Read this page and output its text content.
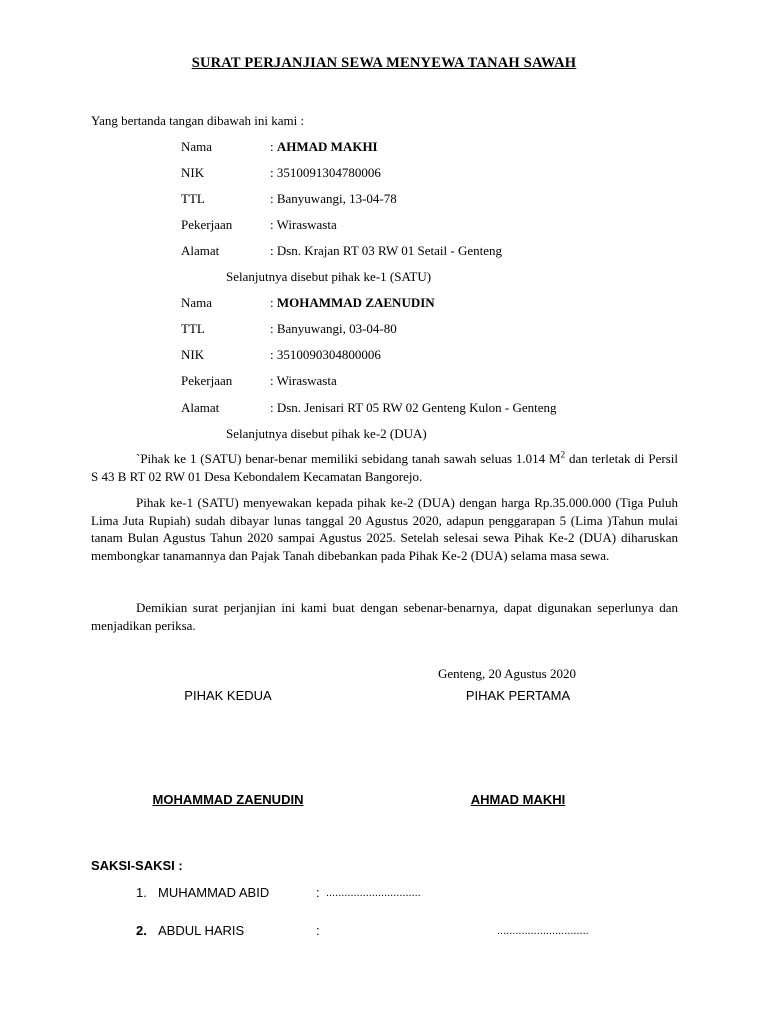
SURAT PERJANJIAN SEWA MENYEWA TANAH SAWAH
Yang bertanda tangan dibawah ini kami :
Nama	: AHMAD MAKHI
NIK	: 3510091304780006
TTL	: Banyuwangi, 13-04-78
Pekerjaan	: Wiraswasta
Alamat	: Dsn. Krajan RT 03 RW 01 Setail - Genteng
Selanjutnya disebut pihak ke-1 (SATU)
Nama	: MOHAMMAD ZAENUDIN
TTL	: Banyuwangi, 03-04-80
NIK	: 3510090304800006
Pekerjaan	: Wiraswasta
Alamat	: Dsn. Jenisari RT 05 RW 02 Genteng Kulon - Genteng
Selanjutnya disebut pihak ke-2 (DUA)

`Pihak ke 1 (SATU) benar-benar memiliki sebidang tanah sawah seluas 1.014 $M^2$ dan terletak di Persil S 43 B RT 02 RW 01 Desa Kebondalem Kecamatan Bangorejo.

Pihak ke-1 (SATU) menyewakan kepada pihak ke-2 (DUA) dengan harga Rp.35.000.000 (Tiga Puluh Lima Juta Rupiah) sudah dibayar lunas tanggal 20 Agustus 2020, adapun penggarapan 5 (Lima )Tahun mulai tanam Bulan Agustus Tahun 2020 sampai Agustus 2025. Setelah selesai sewa Pihak Ke-2 (DUA) diharuskan membongkar tanamannya dan Pajak Tanah dibebankan pada Pihak Ke-2 (DUA) selama masa sewa.

Demikian surat perjanjian ini kami buat dengan sebenar-benarnya, dapat digunakan seperlunya dan menjadikan periksa.

Genteng, 20 Agustus 2020
PIHAK KEDUA	PIHAK PERTAMA
MOHAMMAD ZAENUDIN	AHMAD MAKHI
SAKSI-SAKSI :
1. MUHAMMAD ABID	: ...............................
2. ABDUL HARIS	:	..............................
